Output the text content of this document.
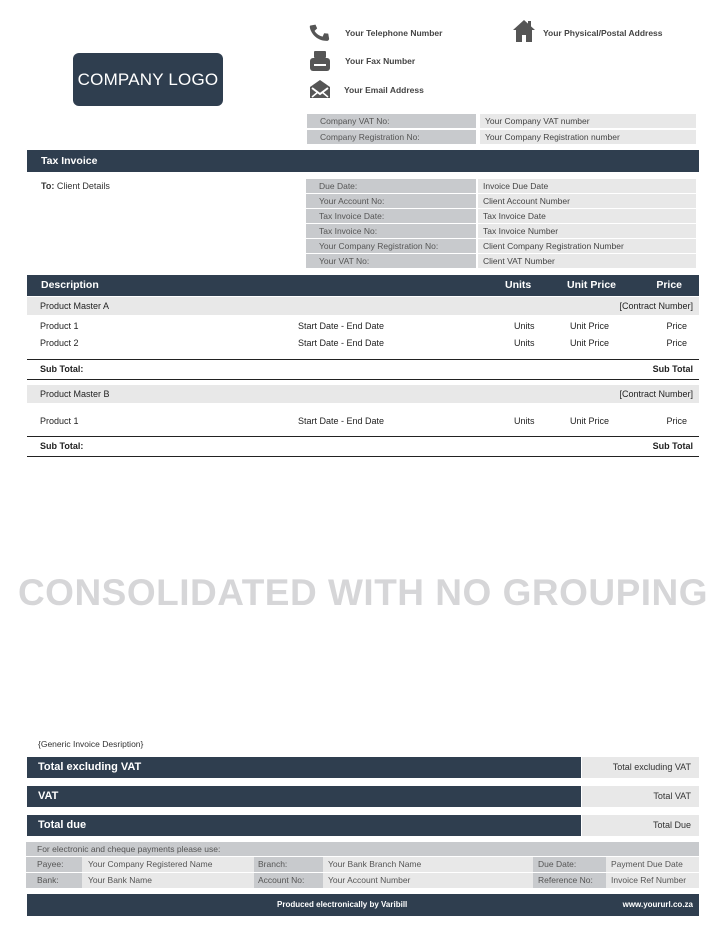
COMPANY LOGO
Your Telephone Number
Your Fax Number
Your Email Address
Your Physical/Postal Address
Company VAT No:	Your Company VAT number
Company Registration No:	Your Company Registration number
Tax Invoice
To: Client Details	Due Date:	Invoice Due Date
Your Account No:	Client Account Number
Tax Invoice Date:	Tax Invoice Date
Tax Invoice No:	Tax Invoice Number
Your Company Registration No:	Client Company Registration Number
Your VAT No:	Client VAT Number
Description	Units	Unit Price	Price
Product Master A	[Contract Number]
Product 1	Start Date - End Date	Units	Unit Price	Price
Product 2	Start Date - End Date	Units	Unit Price	Price
Sub Total:	Sub Total
Product Master B	[Contract Number]
Product 1	Start Date - End Date	Units	Unit Price	Price
Sub Total:	Sub Total
CONSOLIDATED WITH NO GROUPING
{Generic Invoice Desription}
Total excluding VAT	Total excluding VAT
VAT	Total VAT
Total due	Total Due
For electronic and cheque payments please use:
Payee:	Your Company Registered Name	Branch:	Your Bank Branch Name	Due Date:	Payment Due Date
Bank:	Your Bank Name	Account No:	Your Account Number	Reference No:	Invoice Ref Number
Produced electronically by Varibill	www.yoururl.co.za
